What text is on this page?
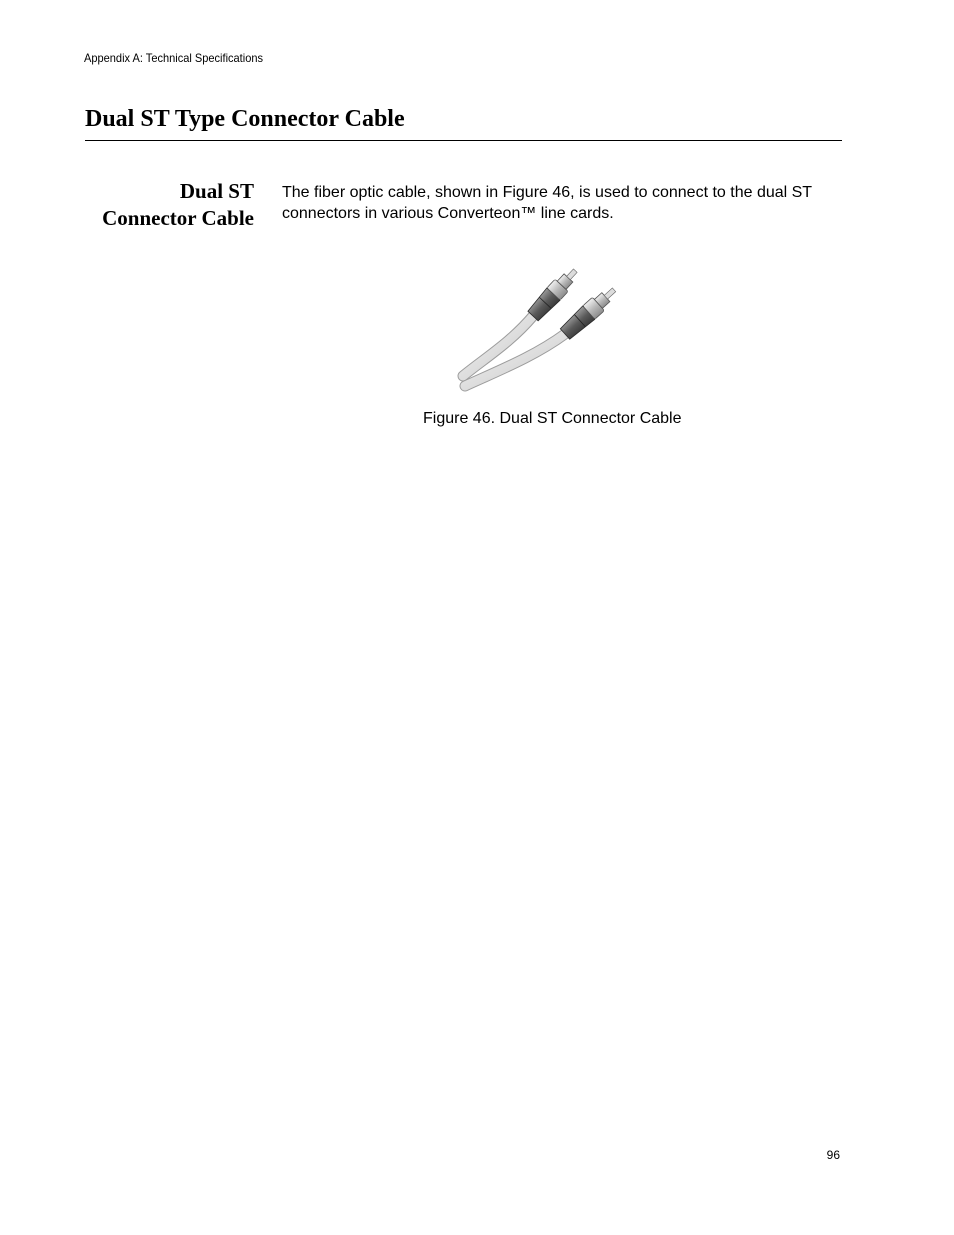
Appendix A: Technical Specifications
Dual ST Type Connector Cable
Dual ST
Connector Cable

The fiber optic cable, shown in Figure 46, is used to connect to the dual ST connectors in various Converteon™ line cards.

Figure 46. Dual ST Connector Cable
96
